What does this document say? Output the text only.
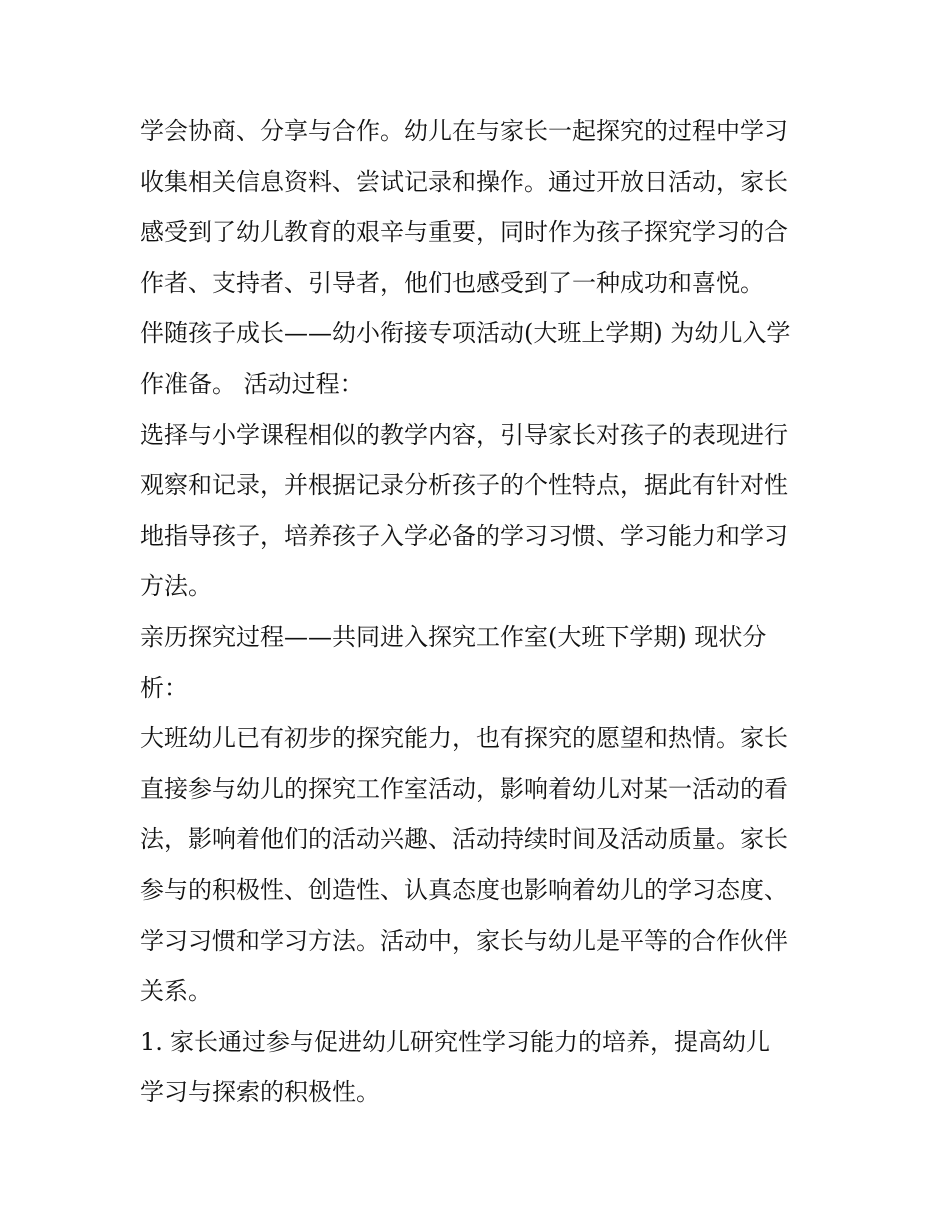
学会协商、分享与合作。幼儿在与家长一起探究的过程中学习
收集相关信息资料、尝试记录和操作。通过开放日活动，家长
感受到了幼儿教育的艰辛与重要，同时作为孩子探究学习的合
作者、支持者、引导者，他们也感受到了一种成功和喜悦。
伴随孩子成长——幼小衔接专项活动(大班上学期) 为幼儿入学
作准备。 活动过程：
选择与小学课程相似的教学内容，引导家长对孩子的表现进行
观察和记录，并根据记录分析孩子的个性特点，据此有针对性
地指导孩子，培养孩子入学必备的学习习惯、学习能力和学习
方法。
亲历探究过程——共同进入探究工作室(大班下学期) 现状分
析：
大班幼儿已有初步的探究能力，也有探究的愿望和热情。家长
直接参与幼儿的探究工作室活动，影响着幼儿对某一活动的看
法，影响着他们的活动兴趣、活动持续时间及活动质量。家长
参与的积极性、创造性、认真态度也影响着幼儿的学习态度、
学习习惯和学习方法。活动中，家长与幼儿是平等的合作伙伴
关系。
1. 家长通过参与促进幼儿研究性学习能力的培养，提高幼儿
学习与探索的积极性。
